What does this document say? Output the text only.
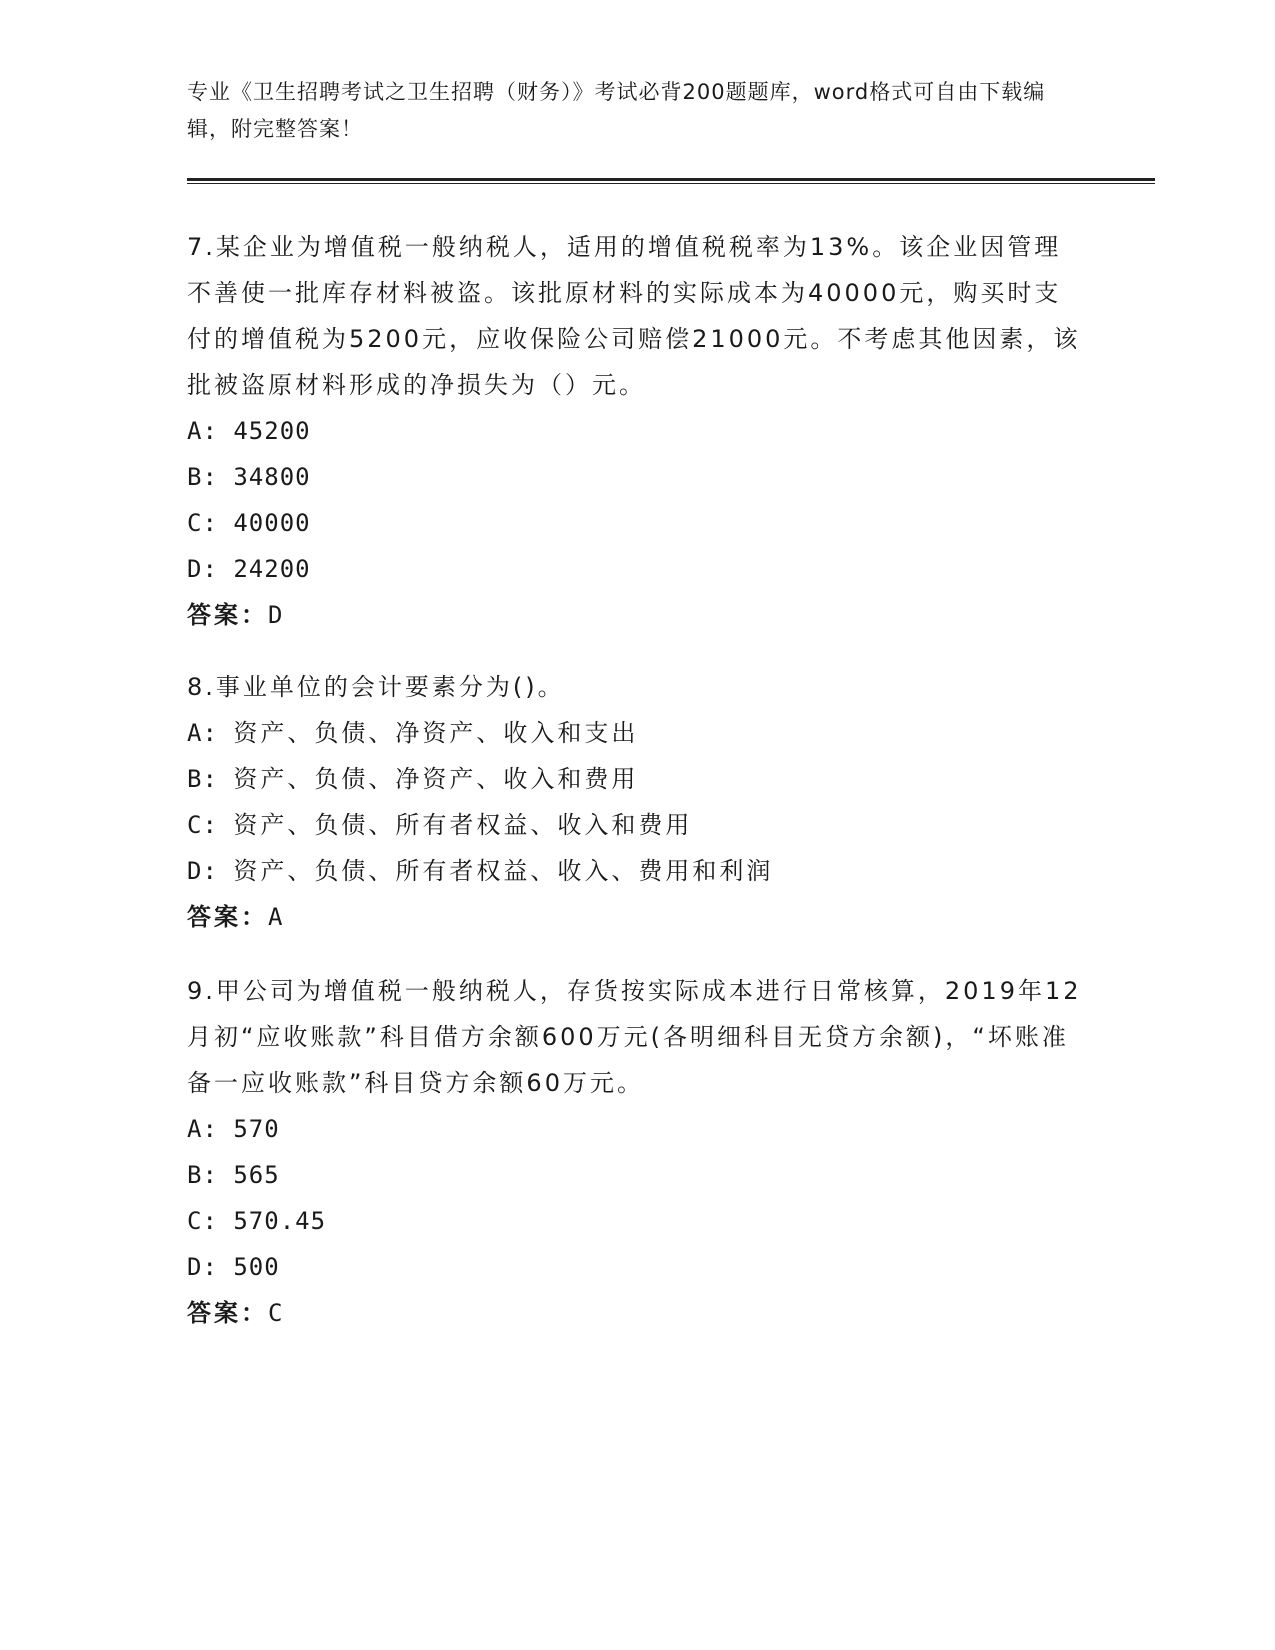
专业《卫生招聘考试之卫生招聘（财务）》考试必背200题题库，word格式可自由下载编辑，附完整答案！
7.某企业为增值税一般纳税人，适用的增值税税率为13%。该企业因管理不善使一批库存材料被盗。该批原材料的实际成本为40000元，购买时支付的增值税为5200元，应收保险公司赔偿21000元。不考虑其他因素，该批被盗原材料形成的净损失为（）元。
A: 45200
B: 34800
C: 40000
D: 24200
答案：D
8.事业单位的会计要素分为()。
A: 资产、负债、净资产、收入和支出
B: 资产、负债、净资产、收入和费用
C: 资产、负债、所有者权益、收入和费用
D: 资产、负债、所有者权益、收入、费用和利润
答案：A
9.甲公司为增值税一般纳税人，存货按实际成本进行日常核算，2019年12月初“应收账款”科目借方余额600万元(各明细科目无贷方余额)，“坏账准备一应收账款”科目贷方余额60万元。
A: 570
B: 565
C: 570.45
D: 500
答案：C
